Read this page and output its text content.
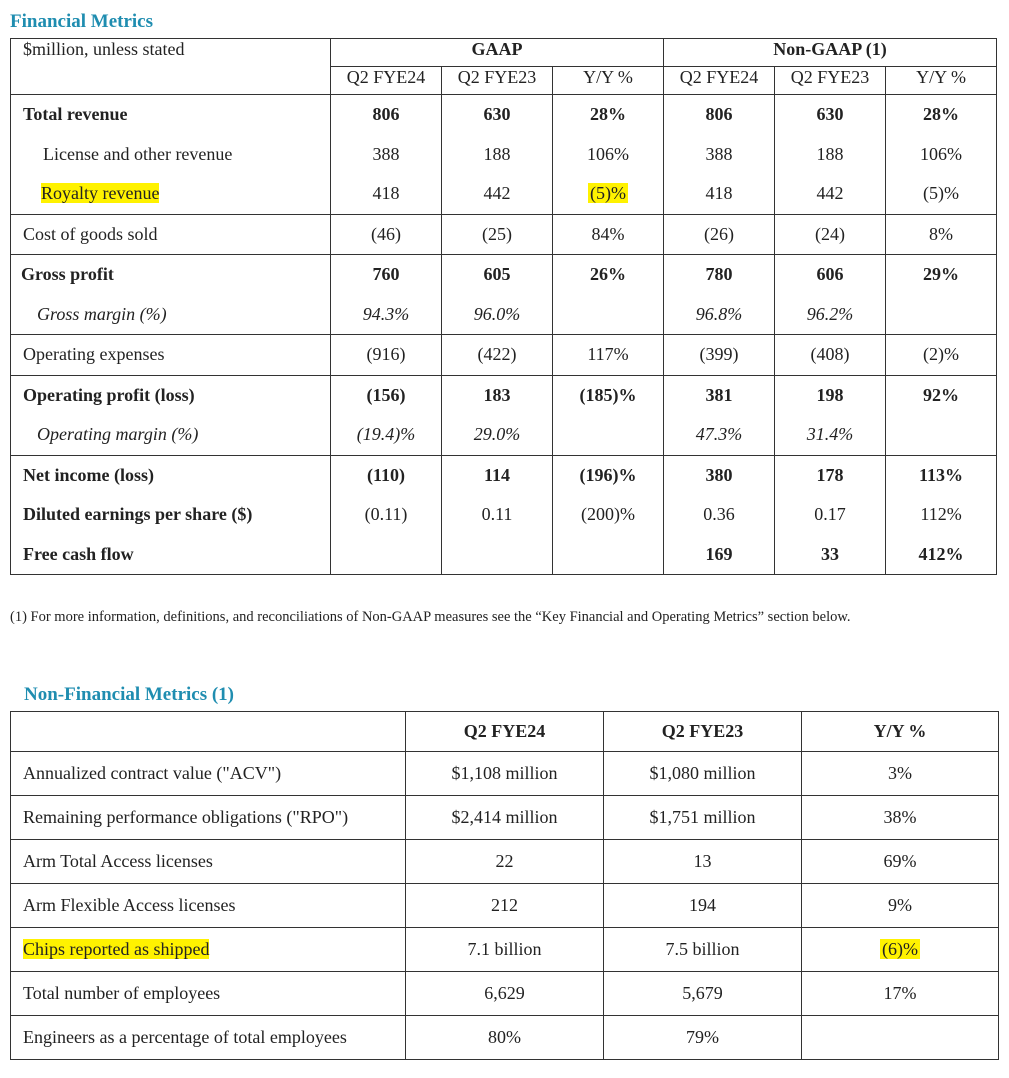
Financial Metrics
$million, unless stated	GAAP			Non-GAAP (1)		
	Q2 FYE24	Q2 FYE23	Y/Y %	Q2 FYE24	Q2 FYE23	Y/Y %
Total revenue	806	630	28%	806	630	28%
License and other revenue	388	188	106%	388	188	106%
Royalty revenue	418	442	(5)%	418	442	(5)%
Cost of goods sold	(46)	(25)	84%	(26)	(24)	8%
Gross profit	760	605	26%	780	606	29%
Gross margin (%)	94.3%	96.0%		96.8%	96.2%	
Operating expenses	(916)	(422)	117%	(399)	(408)	(2)%
Operating profit (loss)	(156)	183	(185)%	381	198	92%
Operating margin (%)	(19.4)%	29.0%		47.3%	31.4%	
Net income (loss)	(110)	114	(196)%	380	178	113%
Diluted earnings per share ($)	(0.11)	0.11	(200)%	0.36	0.17	112%
Free cash flow				169	33	412%

(1) For more information, definitions, and reconciliations of Non-GAAP measures see the “Key Financial and Operating Metrics” section below.

Non-Financial Metrics (1)
	Q2 FYE24	Q2 FYE23	Y/Y %
Annualized contract value ("ACV")	$1,108 million	$1,080 million	3%
Remaining performance obligations ("RPO")	$2,414 million	$1,751 million	38%
Arm Total Access licenses	22	13	69%
Arm Flexible Access licenses	212	194	9%
Chips reported as shipped	7.1 billion	7.5 billion	(6)%
Total number of employees	6,629	5,679	17%
Engineers as a percentage of total employees	80%	79%	
